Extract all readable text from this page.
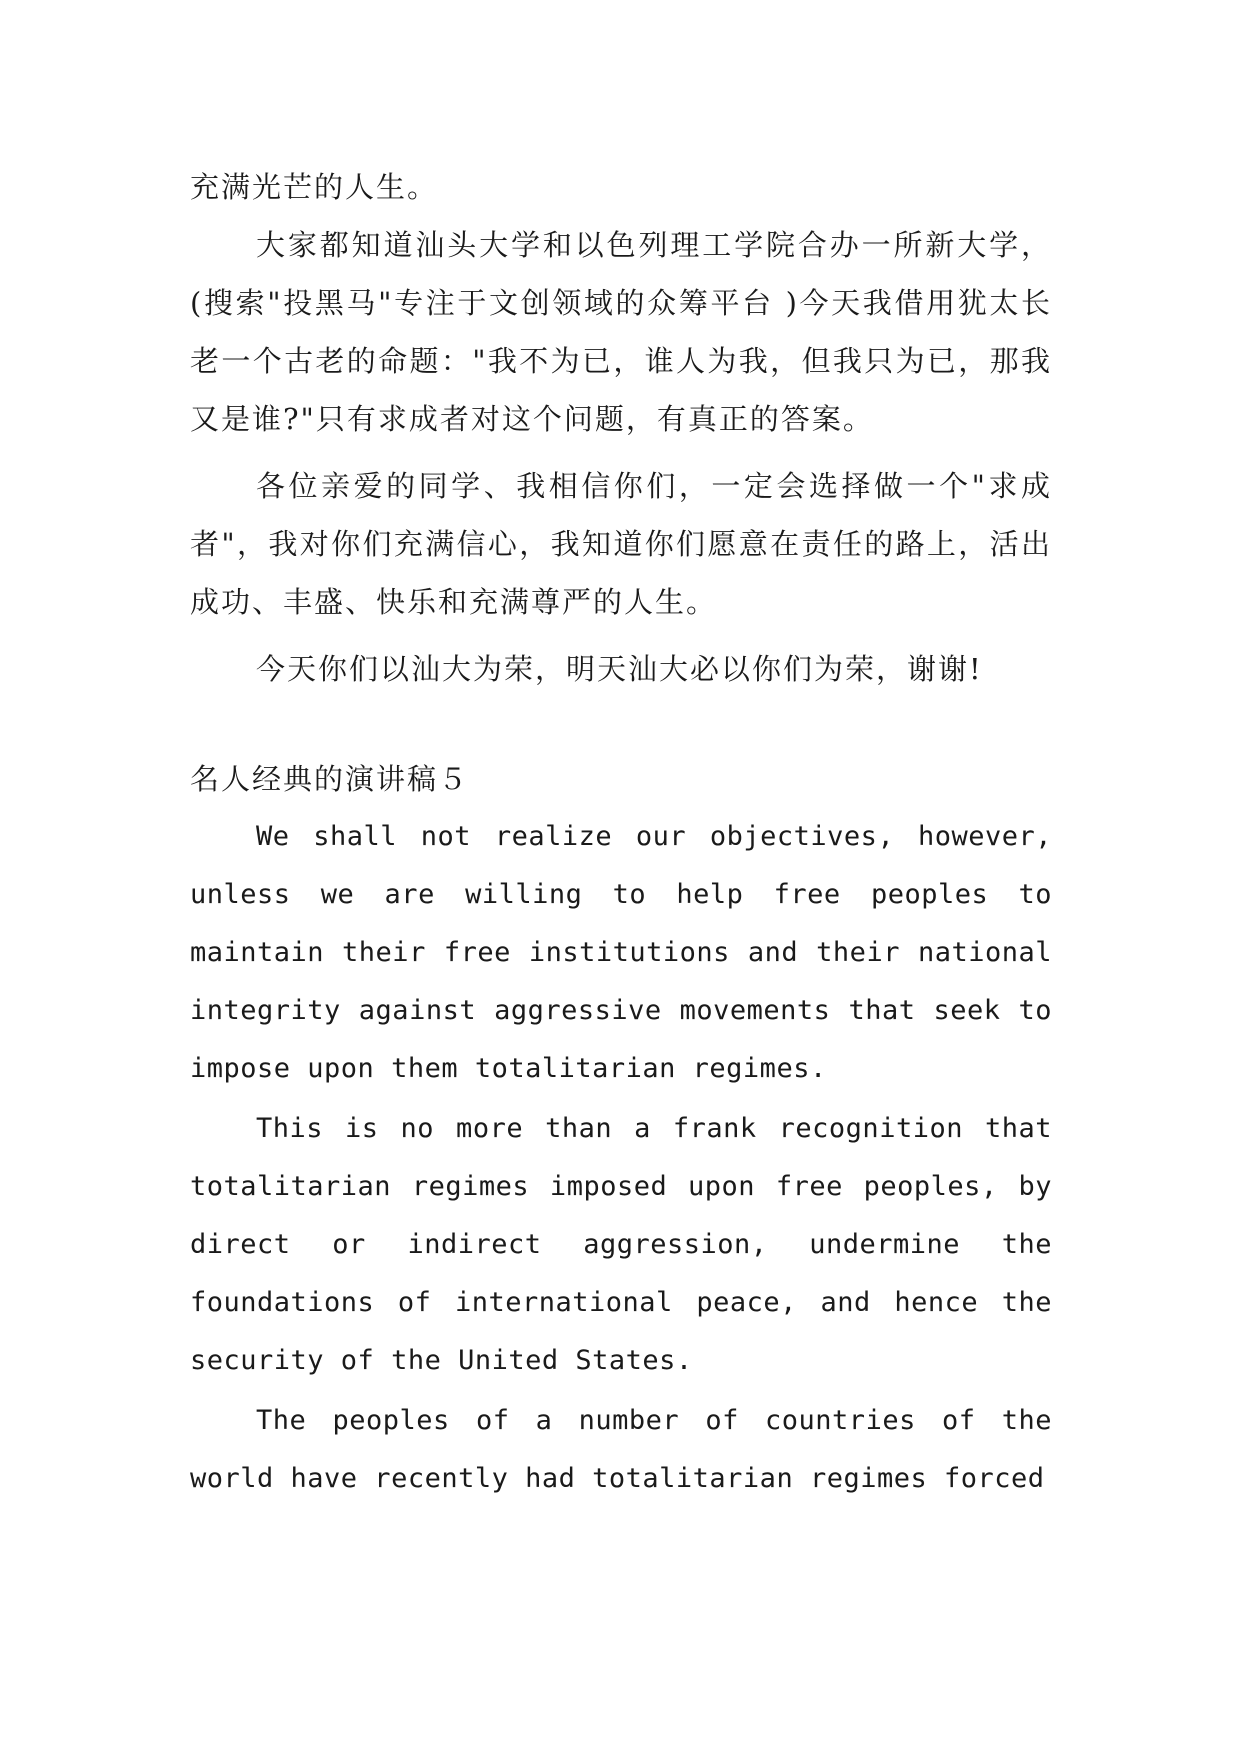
充满光芒的人生。

大家都知道汕头大学和以色列理工学院合办一所新大学，(搜索"投黑马"专注于文创领域的众筹平台 )今天我借用犹太长老一个古老的命题："我不为已，谁人为我，但我只为已，那我又是谁?"只有求成者对这个问题，有真正的答案。

各位亲爱的同学、我相信你们，一定会选择做一个"求成者"，我对你们充满信心，我知道你们愿意在责任的路上，活出成功、丰盛、快乐和充满尊严的人生。

今天你们以汕大为荣，明天汕大必以你们为荣，谢谢!

名人经典的演讲稿５

We shall not realize our objectives, however, unless we are willing to help free peoples to maintain their free institutions and their national integrity against aggressive movements that seek to impose upon them totalitarian regimes.

This is no more than a frank recognition that totalitarian regimes imposed upon free peoples, by direct or indirect aggression, undermine the foundations of international peace, and hence the security of the United States.

The peoples of a number of countries of the world have recently had totalitarian regimes forced
